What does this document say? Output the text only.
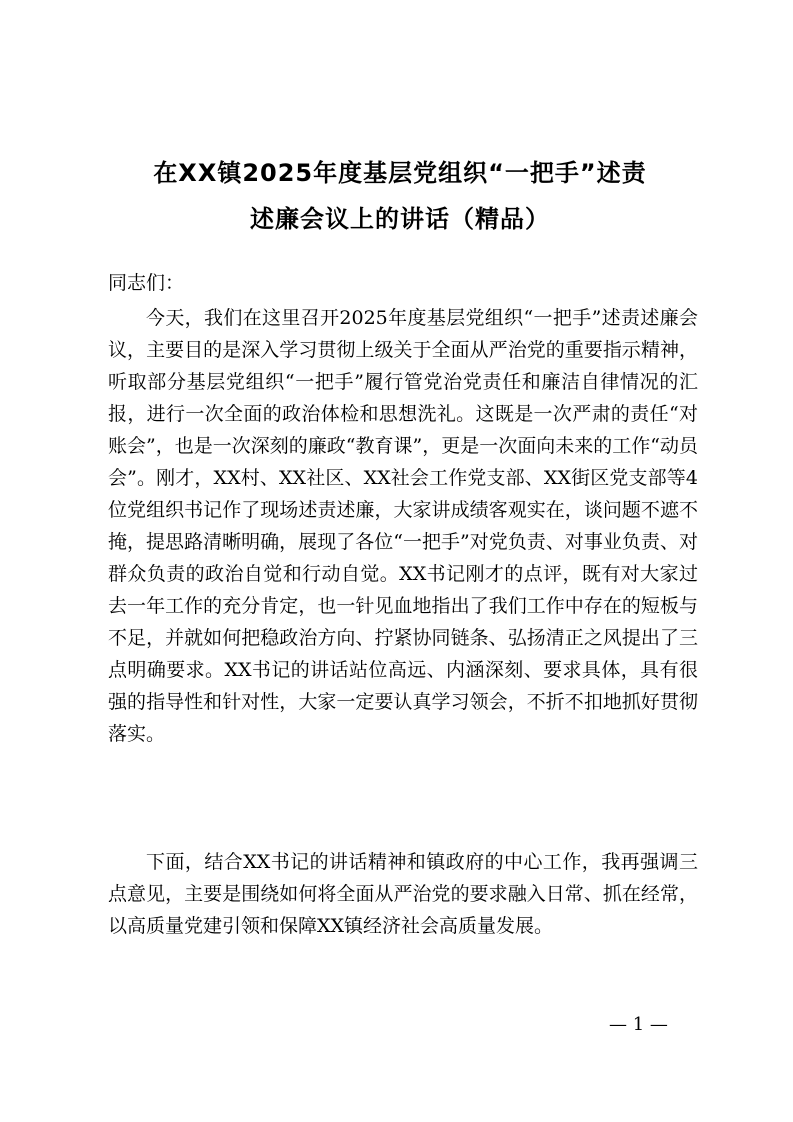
在XX镇2025年度基层党组织“一把手”述责
述廉会议上的讲话（精品）
同志们：

今天，我们在这里召开2025年度基层党组织“一把手”述责述廉会议，主要目的是深入学习贯彻上级关于全面从严治党的重要指示精神，听取部分基层党组织“一把手”履行管党治党责任和廉洁自律情况的汇报，进行一次全面的政治体检和思想洗礼。这既是一次严肃的责任“对账会”，也是一次深刻的廉政“教育课”，更是一次面向未来的工作“动员会”。刚才，XX村、XX社区、XX社会工作党支部、XX街区党支部等4位党组织书记作了现场述责述廉，大家讲成绩客观实在，谈问题不遮不掩，提思路清晰明确，展现了各位“一把手”对党负责、对事业负责、对群众负责的政治自觉和行动自觉。XX书记刚才的点评，既有对大家过去一年工作的充分肯定，也一针见血地指出了我们工作中存在的短板与不足，并就如何把稳政治方向、拧紧协同链条、弘扬清正之风提出了三点明确要求。XX书记的讲话站位高远、内涵深刻、要求具体，具有很强的指导性和针对性，大家一定要认真学习领会，不折不扣地抓好贯彻落实。

下面，结合XX书记的讲话精神和镇政府的中心工作，我再强调三点意见，主要是围绕如何将全面从严治党的要求融入日常、抓在经常，以高质量党建引领和保障XX镇经济社会高质量发展。

— 1 —
